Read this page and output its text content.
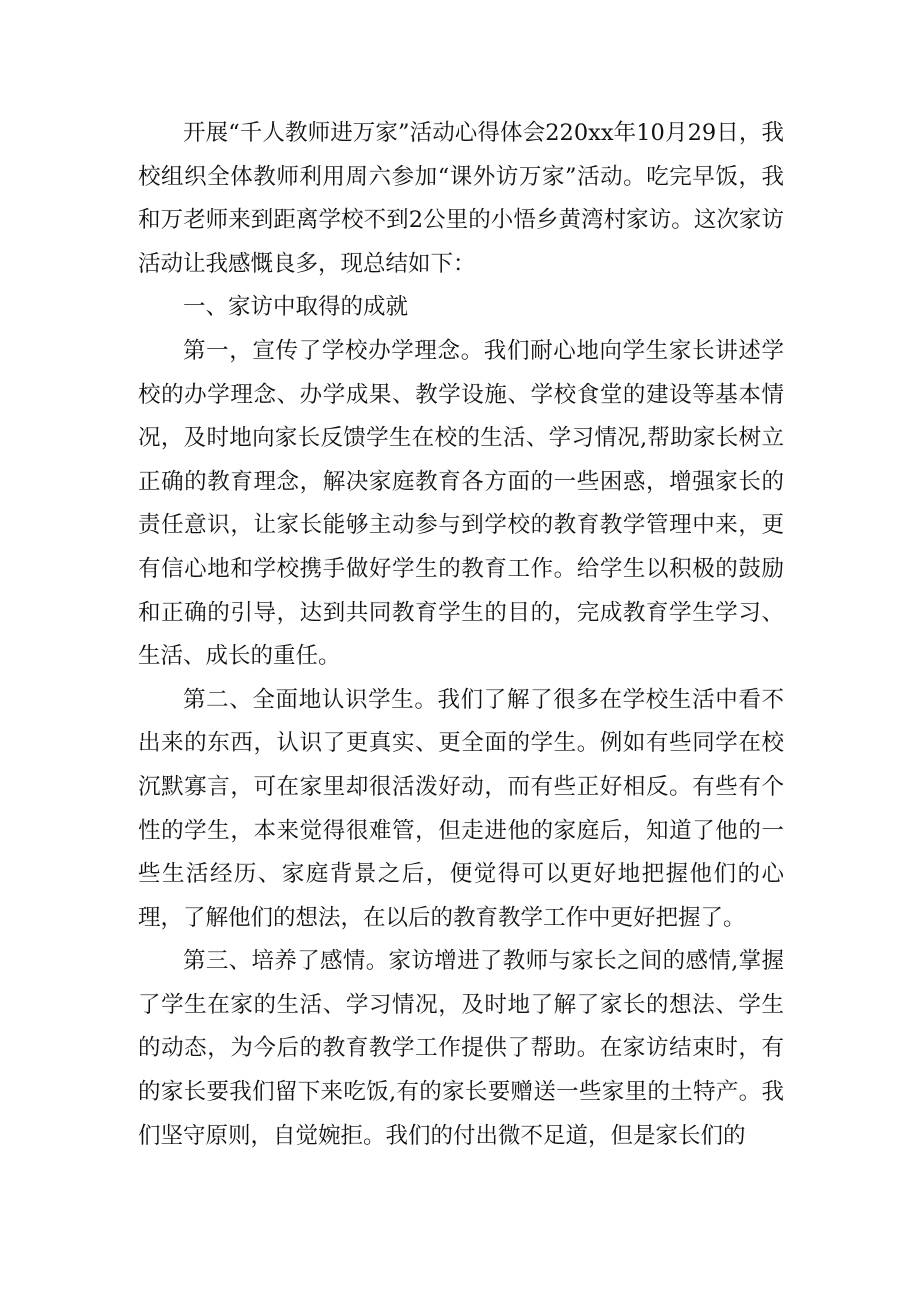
开展“千人教师进万家”活动心得体会220xx年10月29日，我校组织全体教师利用周六参加“课外访万家”活动。吃完早饭，我和万老师来到距离学校不到2公里的小悟乡黄湾村家访。这次家访活动让我感慨良多，现总结如下：

一、家访中取得的成就

第一，宣传了学校办学理念。我们耐心地向学生家长讲述学校的办学理念、办学成果、教学设施、学校食堂的建设等基本情况，及时地向家长反馈学生在校的生活、学习情况,帮助家长树立正确的教育理念，解决家庭教育各方面的一些困惑，增强家长的责任意识，让家长能够主动参与到学校的教育教学管理中来，更有信心地和学校携手做好学生的教育工作。给学生以积极的鼓励和正确的引导，达到共同教育学生的目的，完成教育学生学习、生活、成长的重任。

第二、全面地认识学生。我们了解了很多在学校生活中看不出来的东西，认识了更真实、更全面的学生。例如有些同学在校沉默寡言，可在家里却很活泼好动，而有些正好相反。有些有个性的学生，本来觉得很难管，但走进他的家庭后，知道了他的一些生活经历、家庭背景之后，便觉得可以更好地把握他们的心理，了解他们的想法，在以后的教育教学工作中更好把握了。

第三、培养了感情。家访增进了教师与家长之间的感情,掌握了学生在家的生活、学习情况，及时地了解了家长的想法、学生的动态，为今后的教育教学工作提供了帮助。在家访结束时，有的家长要我们留下来吃饭,有的家长要赠送一些家里的土特产。我们坚守原则，自觉婉拒。我们的付出微不足道，但是家长们的
